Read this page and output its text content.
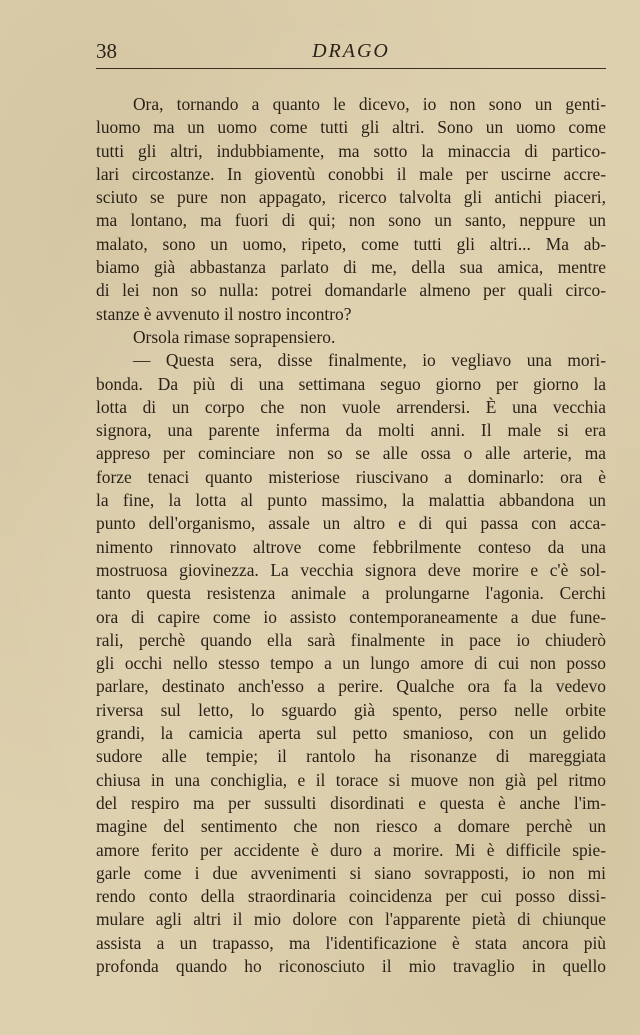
38	DRAGO
Ora, tornando a quanto le dicevo, io non sono un genti-
luomo ma un uomo come tutti gli altri. Sono un uomo come
tutti gli altri, indubbiamente, ma sotto la minaccia di partico-
lari circostanze. In gioventù conobbi il male per uscirne accre-
sciuto se pure non appagato, ricerco talvolta gli antichi piaceri,
ma lontano, ma fuori di qui; non sono un santo, neppure un
malato, sono un uomo, ripeto, come tutti gli altri... Ma ab-
biamo già abbastanza parlato di me, della sua amica, mentre
di lei non so nulla: potrei domandarle almeno per quali circo-
stanze è avvenuto il nostro incontro?
Orsola rimase soprapensiero.
— Questa sera, disse finalmente, io vegliavo una mori-
bonda. Da più di una settimana seguo giorno per giorno la
lotta di un corpo che non vuole arrendersi. È una vecchia
signora, una parente inferma da molti anni. Il male si era
appreso per cominciare non so se alle ossa o alle arterie, ma
forze tenaci quanto misteriose riuscivano a dominarlo: ora è
la fine, la lotta al punto massimo, la malattia abbandona un
punto dell'organismo, assale un altro e di qui passa con acca-
nimento rinnovato altrove come febbrilmente conteso da una
mostruosa giovinezza. La vecchia signora deve morire e c'è sol-
tanto questa resistenza animale a prolungarne l'agonia. Cerchi
ora di capire come io assisto contemporaneamente a due fune-
rali, perchè quando ella sarà finalmente in pace io chiuderò
gli occhi nello stesso tempo a un lungo amore di cui non posso
parlare, destinato anch'esso a perire. Qualche ora fa la vedevo
riversa sul letto, lo sguardo già spento, perso nelle orbite
grandi, la camicia aperta sul petto smanioso, con un gelido
sudore alle tempie; il rantolo ha risonanze di mareggiata
chiusa in una conchiglia, e il torace si muove non già pel ritmo
del respiro ma per sussulti disordinati e questa è anche l'im-
magine del sentimento che non riesco a domare perchè un
amore ferito per accidente è duro a morire. Mi è difficile spie-
garle come i due avvenimenti si siano sovrapposti, io non mi
rendo conto della straordinaria coincidenza per cui posso dissi-
mulare agli altri il mio dolore con l'apparente pietà di chiunque
assista a un trapasso, ma l'identificazione è stata ancora più
profonda quando ho riconosciuto il mio travaglio in quello
